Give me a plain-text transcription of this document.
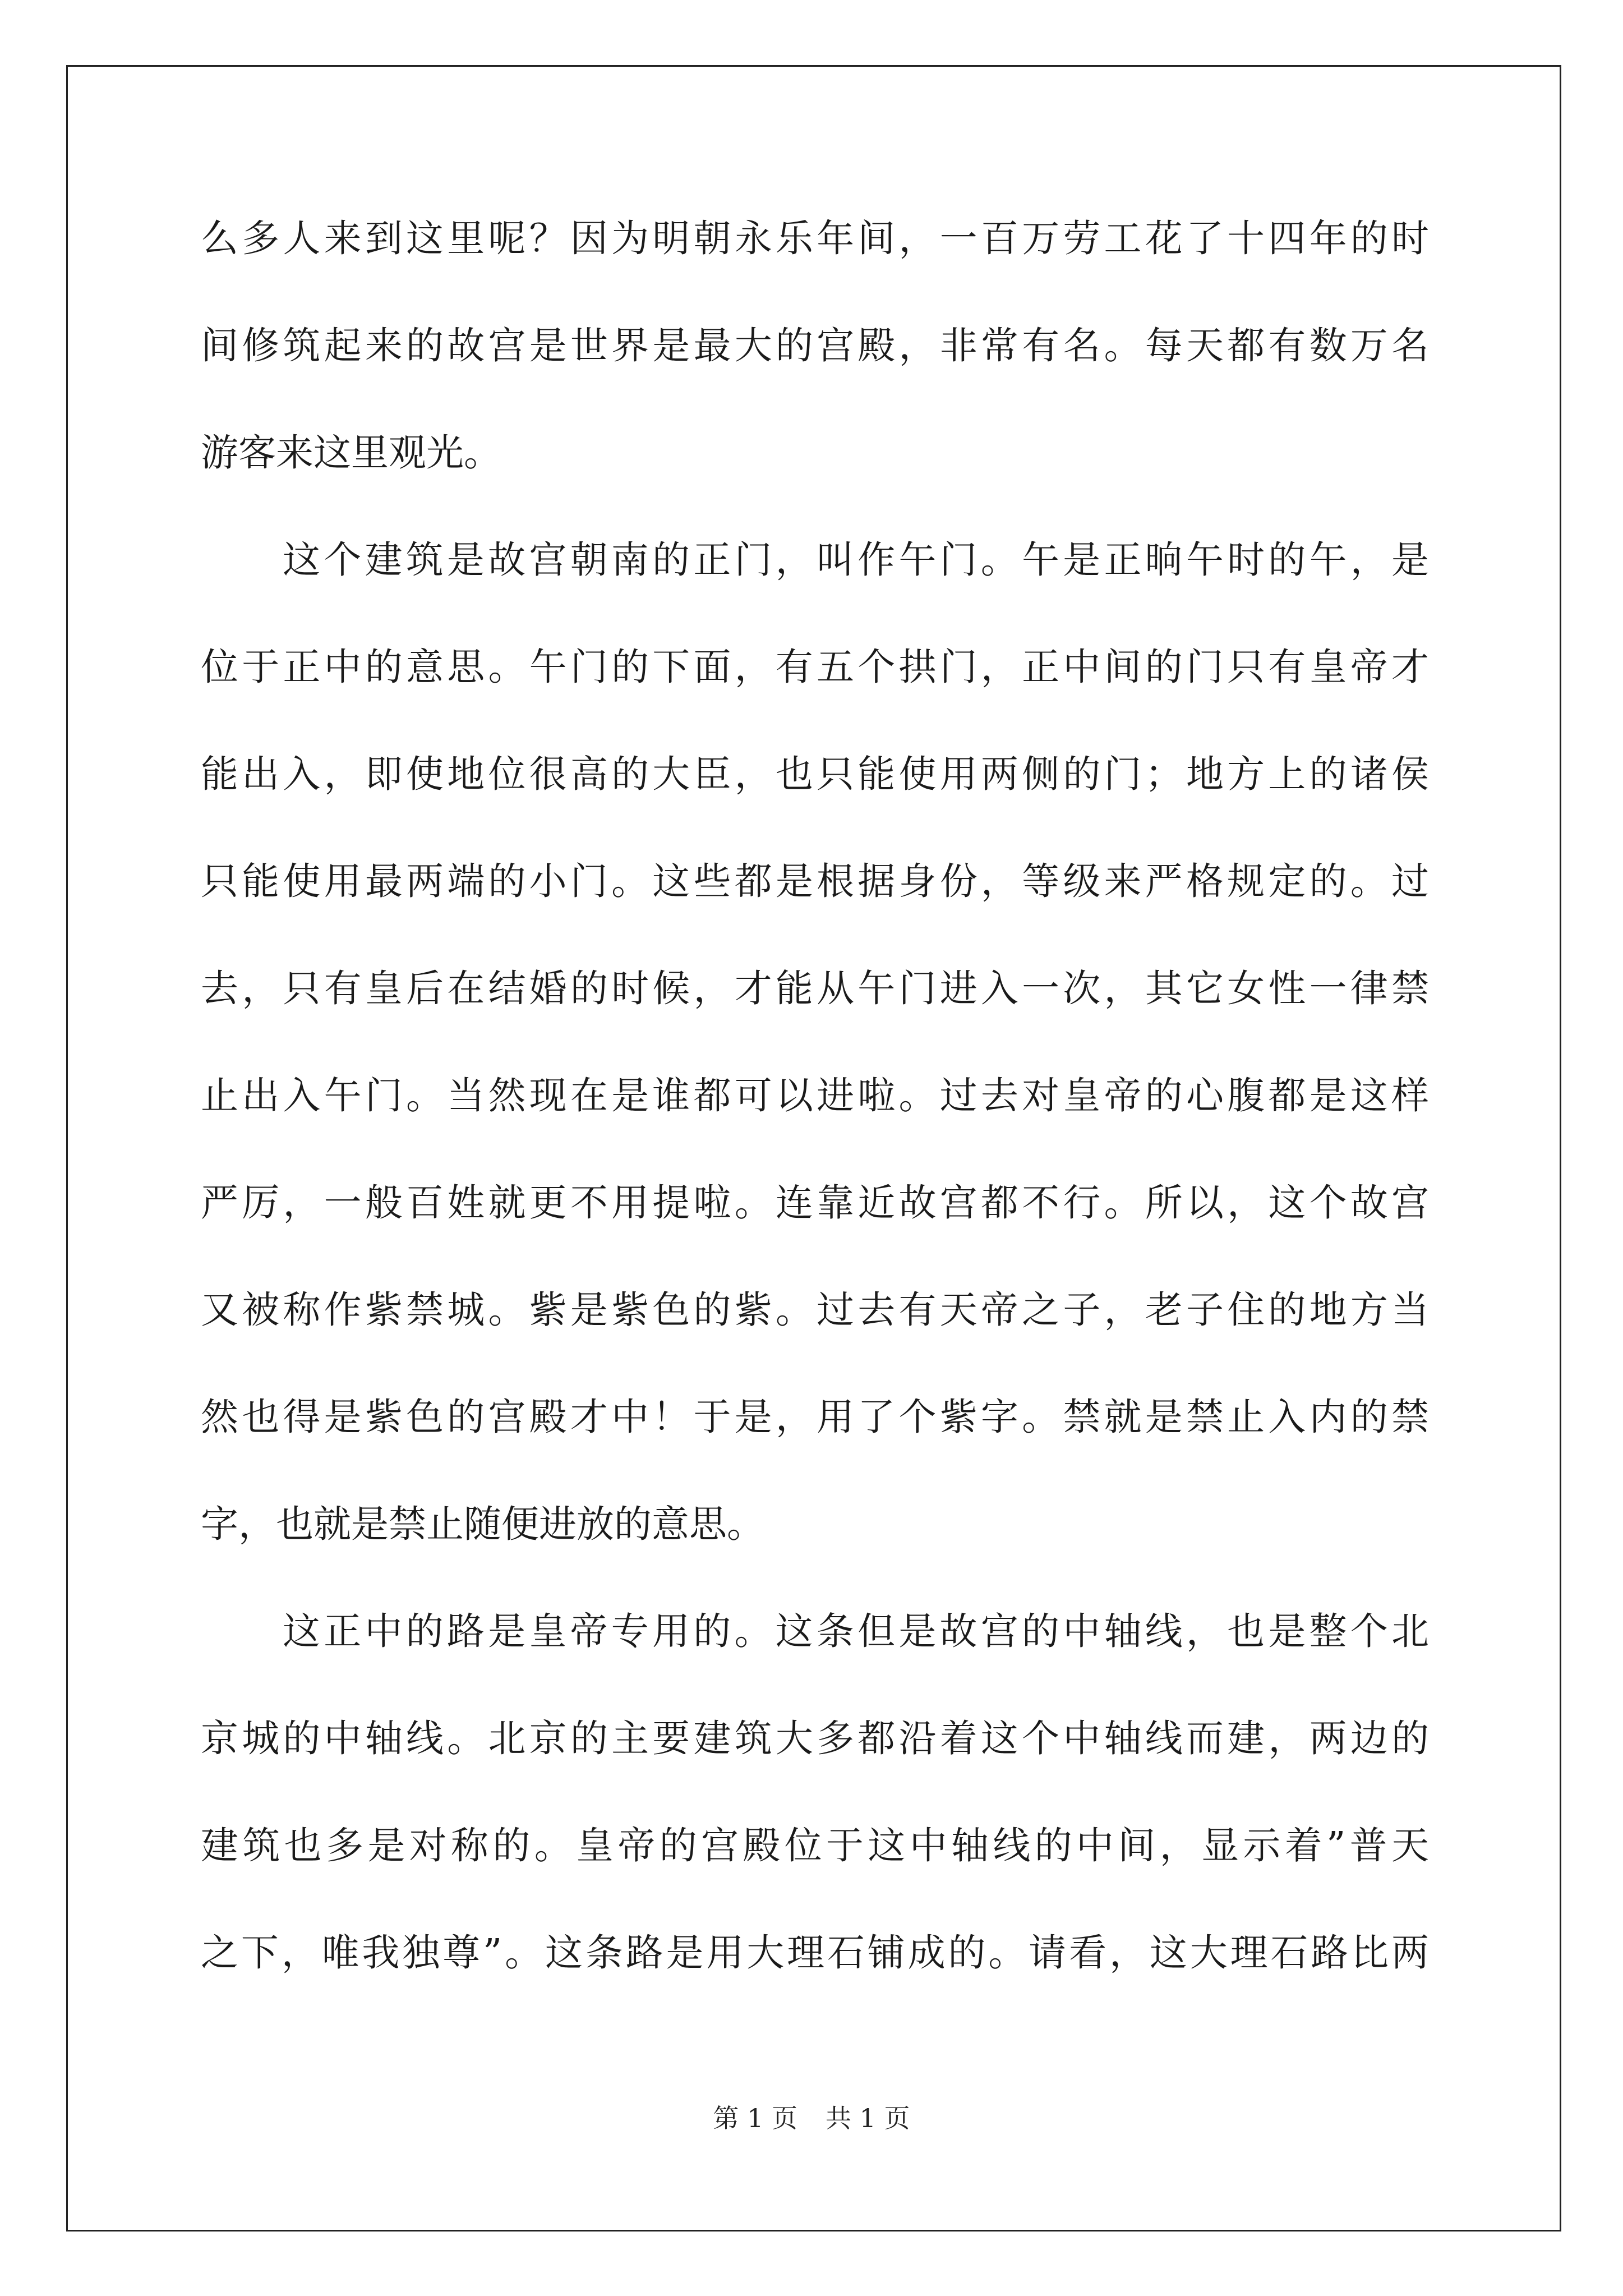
么多人来到这里呢？因为明朝永乐年间，一百万劳工花了十四年的时
间修筑起来的故宫是世界是最大的宫殿，非常有名。每天都有数万名
游客来这里观光。
这个建筑是故宫朝南的正门，叫作午门。午是正晌午时的午，是
位于正中的意思。午门的下面，有五个拱门，正中间的门只有皇帝才
能出入，即使地位很高的大臣，也只能使用两侧的门；地方上的诸侯
只能使用最两端的小门。这些都是根据身份，等级来严格规定的。过
去，只有皇后在结婚的时候，才能从午门进入一次，其它女性一律禁
止出入午门。当然现在是谁都可以进啦。过去对皇帝的心腹都是这样
严厉，一般百姓就更不用提啦。连靠近故宫都不行。所以，这个故宫
又被称作紫禁城。紫是紫色的紫。过去有天帝之子，老子住的地方当
然也得是紫色的宫殿才中！于是，用了个紫字。禁就是禁止入内的禁
字，也就是禁止随便进放的意思。
这正中的路是皇帝专用的。这条但是故宫的中轴线，也是整个北
京城的中轴线。北京的主要建筑大多都沿着这个中轴线而建，两边的
建筑也多是对称的。皇帝的宫殿位于这中轴线的中间，显示着”普天
之下，唯我独尊”。这条路是用大理石铺成的。请看，这大理石路比两
第 1 页 共 1 页
